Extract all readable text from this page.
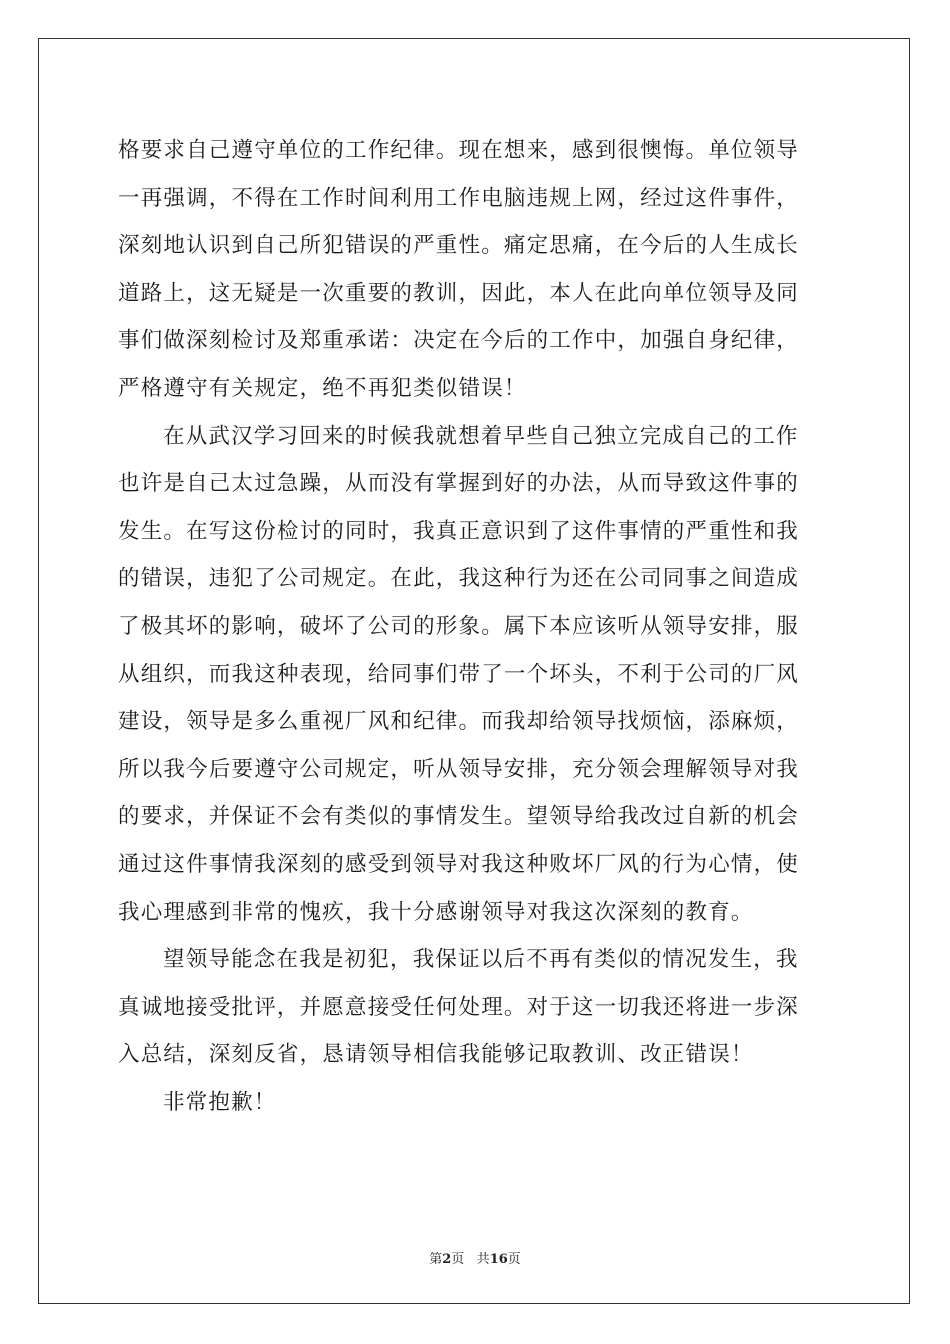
格要求自己遵守单位的工作纪律。现在想来，感到很懊悔。单位领导
一再强调，不得在工作时间利用工作电脑违规上网，经过这件事件，
深刻地认识到自己所犯错误的严重性。痛定思痛，在今后的人生成长
道路上，这无疑是一次重要的教训，因此，本人在此向单位领导及同
事们做深刻检讨及郑重承诺：决定在今后的工作中，加强自身纪律，
严格遵守有关规定，绝不再犯类似错误！
在从武汉学习回来的时候我就想着早些自己独立完成自己的工作
也许是自己太过急躁，从而没有掌握到好的办法，从而导致这件事的
发生。在写这份检讨的同时，我真正意识到了这件事情的严重性和我
的错误，违犯了公司规定。在此，我这种行为还在公司同事之间造成
了极其坏的影响，破坏了公司的形象。属下本应该听从领导安排，服
从组织，而我这种表现，给同事们带了一个坏头，不利于公司的厂风
建设，领导是多么重视厂风和纪律。而我却给领导找烦恼，添麻烦，
所以我今后要遵守公司规定，听从领导安排，充分领会理解领导对我
的要求，并保证不会有类似的事情发生。望领导给我改过自新的机会
通过这件事情我深刻的感受到领导对我这种败坏厂风的行为心情，使
我心理感到非常的愧疚，我十分感谢领导对我这次深刻的教育。
望领导能念在我是初犯，我保证以后不再有类似的情况发生，我
真诚地接受批评，并愿意接受任何处理。对于这一切我还将进一步深
入总结，深刻反省，恳请领导相信我能够记取教训、改正错误！
非常抱歉！
第2页 共16页
